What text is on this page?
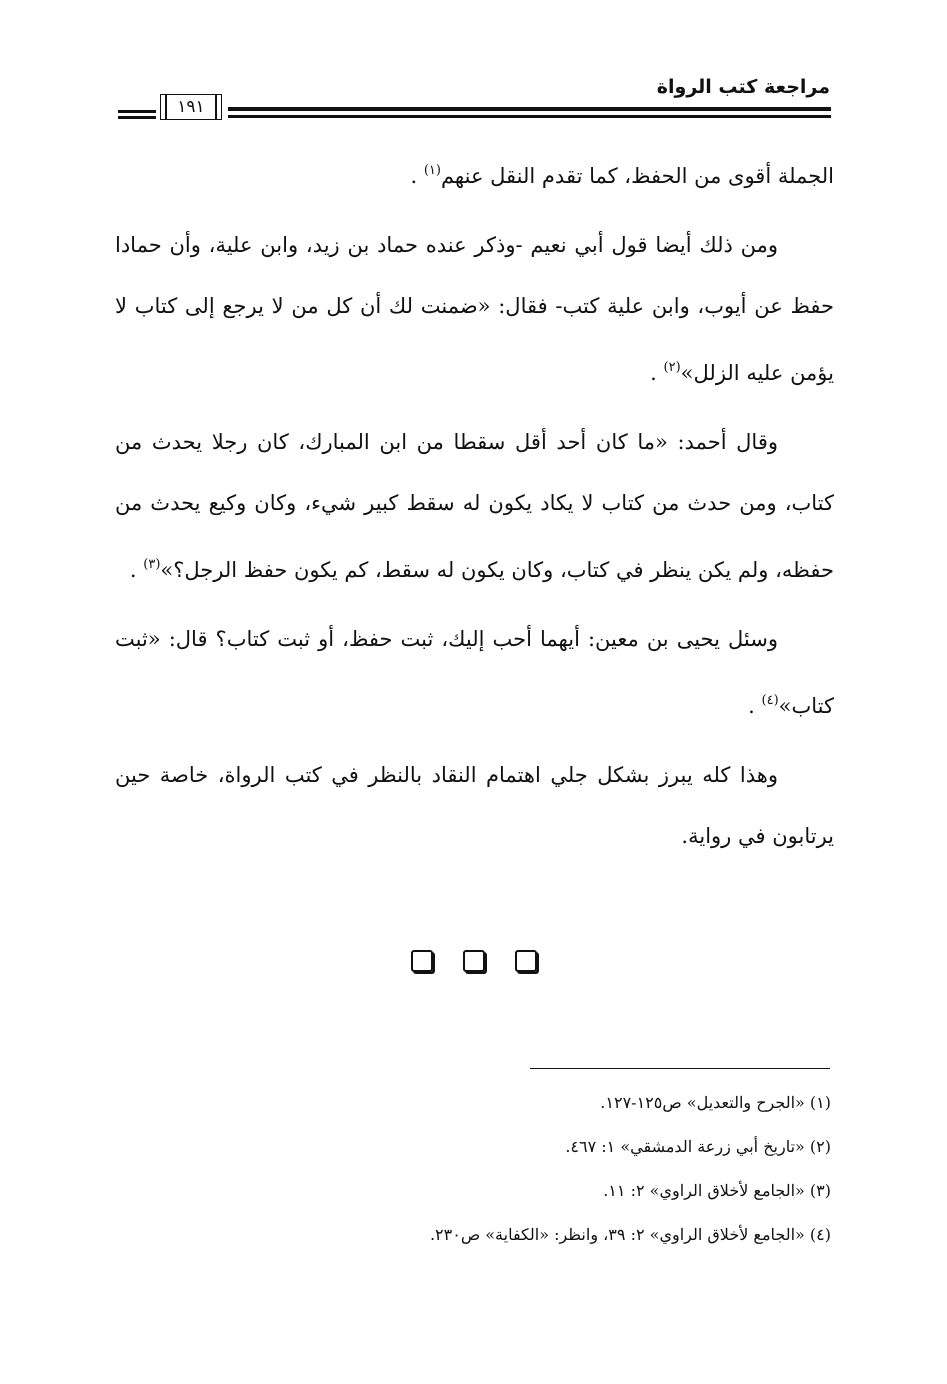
مراجعة كتب الرواة
١٩١

الجملة أقوى من الحفظ، كما تقدم النقل عنهم$^{(١)}$ .

ومن ذلك أيضا قول أبي نعيم -وذكر عنده حماد بن زيد، وابن علية، وأن حمادا حفظ عن أيوب، وابن علية كتب- فقال: «ضمنت لك أن كل من لا يرجع إلى كتاب لا يؤمن عليه الزلل»$^{(٢)}$ .

وقال أحمد: «ما كان أحد أقل سقطا من ابن المبارك، كان رجلا يحدث من كتاب، ومن حدث من كتاب لا يكاد يكون له سقط كبير شيء، وكان وكيع يحدث من حفظه، ولم يكن ينظر في كتاب، وكان يكون له سقط، كم يكون حفظ الرجل؟»$^{(٣)}$ .

وسئل يحيى بن معين: أيهما أحب إليك، ثبت حفظ، أو ثبت كتاب؟ قال: «ثبت كتاب»$^{(٤)}$ .

وهذا كله يبرز بشكل جلي اهتمام النقاد بالنظر في كتب الرواة، خاصة حين يرتابون في رواية.

(١) «الجرح والتعديل» ص١٢٥-١٢٧.
(٢) «تاريخ أبي زرعة الدمشقي» ١: ٤٦٧.
(٣) «الجامع لأخلاق الراوي» ٢: ١١.
(٤) «الجامع لأخلاق الراوي» ٢: ٣٩، وانظر: «الكفاية» ص٢٣٠.
